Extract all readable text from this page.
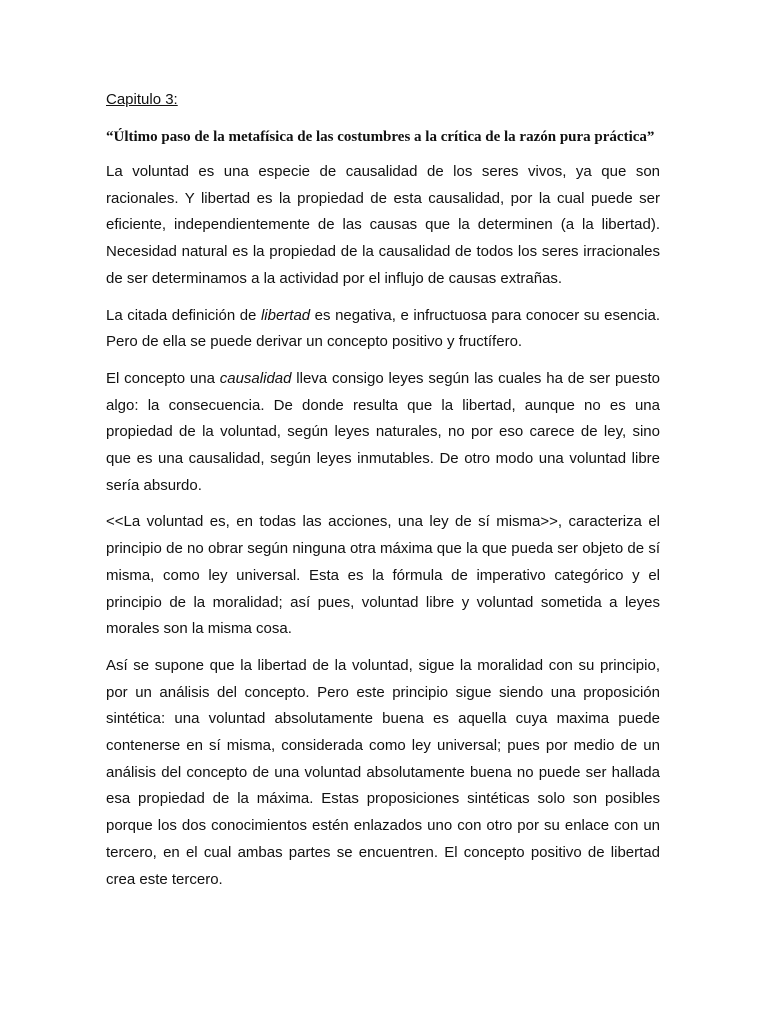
Capitulo 3:

“Último paso de la metafísica de las costumbres a la crítica de la razón pura práctica”

La voluntad es una especie de causalidad de los seres vivos, ya que son racionales. Y libertad es la propiedad de esta causalidad, por la cual puede ser eficiente, independientemente de las causas que la determinen (a la libertad). Necesidad natural es la propiedad de la causalidad de todos los seres irracionales de ser determinamos a la actividad por el influjo de causas extrañas.

La citada definición de libertad es negativa, e infructuosa para conocer su esencia. Pero de ella se puede derivar un concepto positivo y fructífero.

El concepto una causalidad lleva consigo leyes según las cuales ha de ser puesto algo: la consecuencia. De donde resulta que la libertad, aunque no es una propiedad de la voluntad, según leyes naturales, no por eso carece de ley, sino que es una causalidad, según leyes inmutables. De otro modo una voluntad libre sería absurdo.

<<La voluntad es, en todas las acciones, una ley de sí misma>>, caracteriza el principio de no obrar según ninguna otra máxima que la que pueda ser objeto de sí misma, como ley universal. Esta es la fórmula de imperativo categórico y el principio de la moralidad; así pues, voluntad libre y voluntad sometida a leyes morales son la misma cosa.

Así se supone que la libertad de la voluntad, sigue la moralidad con su principio, por un análisis del concepto. Pero este principio sigue siendo una proposición sintética: una voluntad absolutamente buena es aquella cuya maxima puede contenerse en sí misma, considerada como ley universal; pues por medio de un análisis del concepto de una voluntad absolutamente buena no puede ser hallada esa propiedad de la máxima. Estas proposiciones sintéticas solo son posibles porque los dos conocimientos estén enlazados uno con otro por su enlace con un tercero, en el cual ambas partes se encuentren. El concepto positivo de libertad crea este tercero.
